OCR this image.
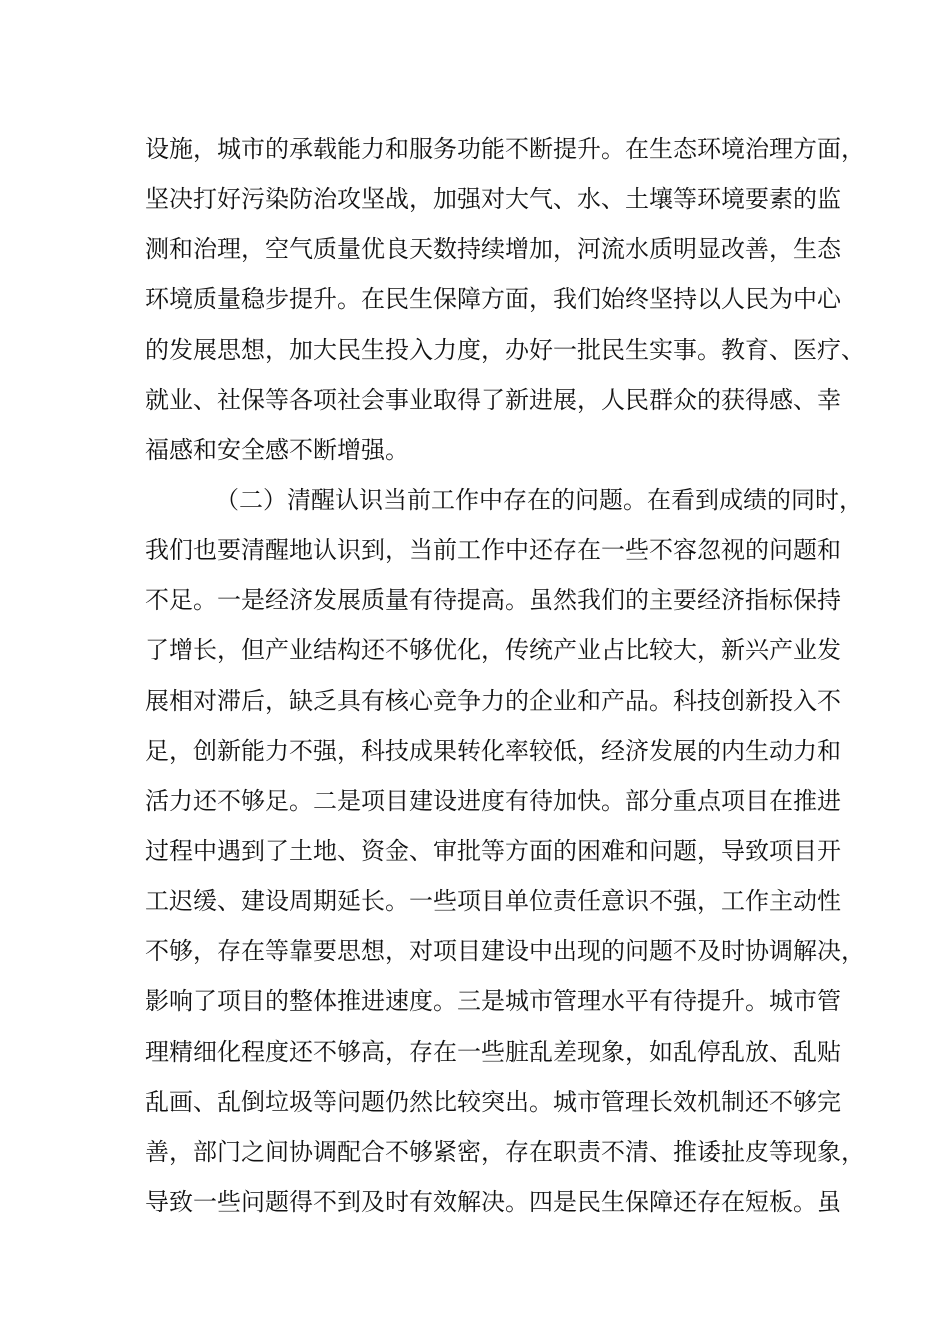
设施，城市的承载能力和服务功能不断提升。在生态环境治理方面，
坚决打好污染防治攻坚战，加强对大气、水、土壤等环境要素的监
测和治理，空气质量优良天数持续增加，河流水质明显改善，生态
环境质量稳步提升。在民生保障方面，我们始终坚持以人民为中心
的发展思想，加大民生投入力度，办好一批民生实事。教育、医疗、
就业、社保等各项社会事业取得了新进展，人民群众的获得感、幸
福感和安全感不断增强。
（二）清醒认识当前工作中存在的问题。在看到成绩的同时，
我们也要清醒地认识到，当前工作中还存在一些不容忽视的问题和
不足。一是经济发展质量有待提高。虽然我们的主要经济指标保持
了增长，但产业结构还不够优化，传统产业占比较大，新兴产业发
展相对滞后，缺乏具有核心竞争力的企业和产品。科技创新投入不
足，创新能力不强，科技成果转化率较低，经济发展的内生动力和
活力还不够足。二是项目建设进度有待加快。部分重点项目在推进
过程中遇到了土地、资金、审批等方面的困难和问题，导致项目开
工迟缓、建设周期延长。一些项目单位责任意识不强，工作主动性
不够，存在等靠要思想，对项目建设中出现的问题不及时协调解决，
影响了项目的整体推进速度。三是城市管理水平有待提升。城市管
理精细化程度还不够高，存在一些脏乱差现象，如乱停乱放、乱贴
乱画、乱倒垃圾等问题仍然比较突出。城市管理长效机制还不够完
善，部门之间协调配合不够紧密，存在职责不清、推诿扯皮等现象，
导致一些问题得不到及时有效解决。四是民生保障还存在短板。虽
